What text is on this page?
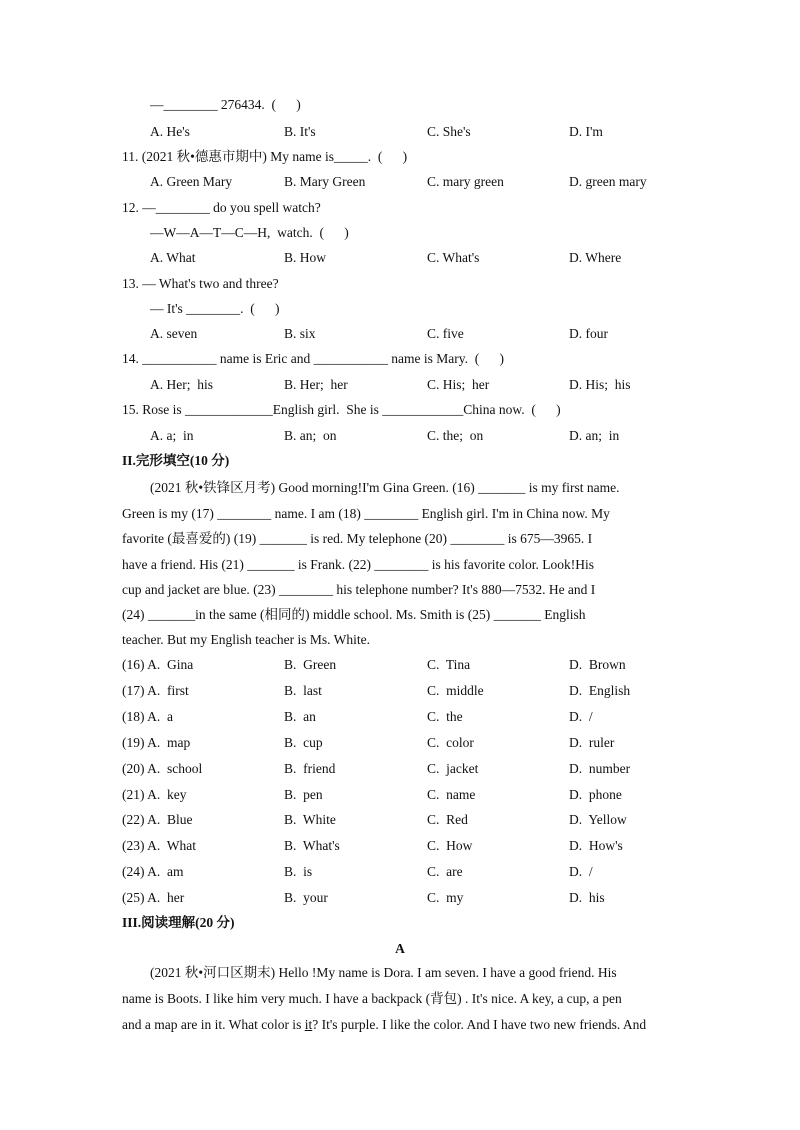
—________ 276434.  (      )
A. He's	B. It's	C. She's	D. I'm
11. (2021 秋•德惠市期中) My name is_____.  (      )
A. Green Mary	B. Mary Green	C. mary green	D. green mary
12. —________ do you spell watch?
—W—A—T—C—H,  watch.  (      )
A. What	B. How	C. What's	D. Where
13. — What's two and three?
— It's ________.  (      )
A. seven	B. six	C. five	D. four
14. ___________ name is Eric and ___________ name is Mary.  (      )
A. Her;  his	B. Her;  her	C. His;  her	D. His;  his
15. Rose is _____________English girl.  She is ____________China now.  (      )
A. a;  in	B. an;  on	C. the;  on	D. an;  in
II.完形填空(10 分)
(2021 秋•铁锋区月考) Good morning!I'm Gina Green. (16) _______ is my first name.
Green is my (17) ________ name. I am (18) ________ English girl. I'm in China now. My
favorite (最喜爱的) (19) _______ is red. My telephone (20) ________ is 675—3965. I
have a friend. His (21) _______ is Frank. (22) ________ is his favorite color. Look!His
cup and jacket are blue. (23) ________ his telephone number? It's 880—7532. He and I
(24) _______in the same (相同的) middle school. Ms. Smith is (25) _______ English
teacher. But my English teacher is Ms. White.
(16) A.  Gina	B.  Green	C.  Tina	D.  Brown
(17) A.  first	B.  last	C.  middle	D.  English
(18) A.  a	B.  an	C.  the	D.  /
(19) A.  map	B.  cup	C.  color	D.  ruler
(20) A.  school	B.  friend	C.  jacket	D.  number
(21) A.  key	B.  pen	C.  name	D.  phone
(22) A.  Blue	B.  White	C.  Red	D.  Yellow
(23) A.  What	B.  What's	C.  How	D.  How's
(24) A.  am	B.  is	C.  are	D.  /
(25) A.  her	B.  your	C.  my	D.  his
III.阅读理解(20 分)
A
(2021 秋•河口区期末) Hello !My name is Dora. I am seven. I have a good friend. His
name is Boots. I like him very much. I have a backpack (背包) . It's nice. A key, a cup, a pen
and a map are in it. What color is it? It's purple. I like the color. And I have two new friends. And
